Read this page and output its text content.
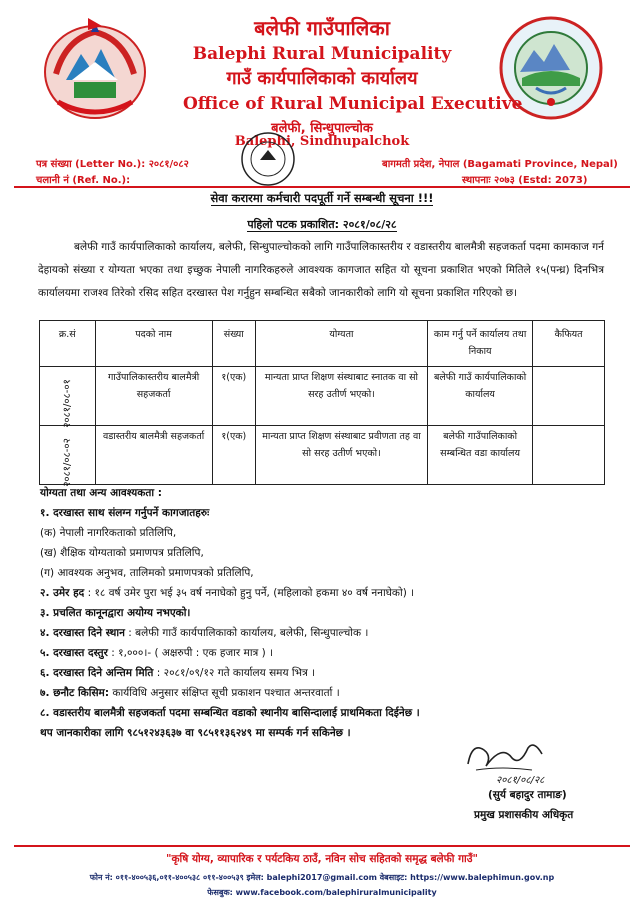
बलेफी गाउँपालिका
Balephi Rural Municipality
गाउँ कार्यपालिकाको कार्यालय
Office of Rural Municipal Executive
बलेफी, सिन्धुपाल्चोक
Balephi, Sindhupalchok
पत्र संख्या (Letter No.): २०८१/०८२
चलानी नं (Ref. No.):
बागमती प्रदेश, नेपाल (Bagamati Province, Nepal)
स्थापनाः २०७३ (Estd: 2073)
सेवा करारमा कर्मचारी पदपूर्ती गर्ने सम्बन्धी सूचना !!!
पहिलो पटक प्रकाशित: २०८१/०८/२८

बलेफी गाउँ कार्यपालिकाको कार्यालय, बलेफी, सिन्धुपाल्चोकको लागि गाउँपालिकास्तरीय र वडास्तरीय बालमैत्री सहजकर्ता पदमा कामकाज गर्न देहायको संख्या र योग्यता भएका तथा इच्छुक नेपाली नागरिकहरुले आवश्यक कागजात सहित यो सूचना प्रकाशित भएको मितिले १५(पन्ध्र) दिनभित्र कार्यालयमा राजश्व तिरेको रसिद सहित दरखास्त पेश गर्नुहुन सम्बन्धित सबैको जानकारीको लागि यो सूचना प्रकाशित गरिएको छ।

क्र.सं	पदको नाम	संख्या	योग्यता	काम गर्नु पर्ने कार्यालय तथा निकाय	कैफियत
२०८१/०८-०१	गाउँपालिकास्तरीय बालमैत्री सहजकर्ता	१(एक)	मान्यता प्राप्त शिक्षण संस्थाबाट स्नातक वा सो सरह उतीर्ण भएको।	बलेफी गाउँ कार्यपालिकाको कार्यालय	
२०८१/०८-०२	वडास्तरीय बालमैत्री सहजकर्ता	१(एक)	मान्यता प्राप्त शिक्षण संस्थाबाट प्रवीणता तह वा सो सरह उतीर्ण भएको।	बलेफी गाउँपालिकाको सम्बन्धित वडा कार्यालय	
योग्यता तथा अन्य आवश्यकता :
१. दरखास्त साथ संलग्न गर्नुपर्ने कागजातहरुः
(क) नेपाली नागरिकताको प्रतिलिपि,
(ख) शैक्षिक योग्यताको प्रमाणपत्र प्रतिलिपि,
(ग) आवश्यक अनुभव, तालिमको प्रमाणपत्रको प्रतिलिपि,
२. उमेर हद : १८ वर्ष उमेर पुरा भई ३५ वर्ष ननाघेको हुनु पर्ने, (महिलाको हकमा ४० वर्ष ननाघेको) ।
३. प्रचलित कानूनद्वारा अयोग्य नभएको।
४. दरखास्त दिने स्थान : बलेफी गाउँ कार्यपालिकाको कार्यालय, बलेफी, सिन्धुपाल्चोक ।
५. दरखास्त दस्तुर : १,०००।- ( अक्षरुपी : एक हजार मात्र ) ।
६. दरखास्त दिने अन्तिम मिति : २०८१/०९/१२ गते कार्यालय समय भित्र ।
७. छनौट किसिम: कार्यविधि अनुसार संक्षिप्त सूची प्रकाशन पश्चात अन्तरवार्ता ।
८. वडास्तरीय बालमैत्री सहजकर्ता पदमा सम्बन्धित वडाको स्थानीय बासिन्दालाई प्राथमिकता दिईनेछ ।
थप जानकारीका लागि ९८५१२४३६३७ वा ९८५११३६२४९ मा सम्पर्क गर्न सकिनेछ ।
२०८१/०८/२८
(सुर्य बहादुर तामाङ)
प्रमुख प्रशासकीय अधिकृत
"कृषि योग्य, व्यापारिक र पर्यटकिय ठाउँ, नविन सोच सहितको समृद्ध बलेफी गाउँ"
फोन नं: ०११-४००५३६,०११-४००५३८ ०११-४००५३९ इमेल: balephi2017@gmail.com वेबसाइट: https://www.balephimun.gov.np
फेसबुक: www.facebook.com/balephiruralmunicipality
